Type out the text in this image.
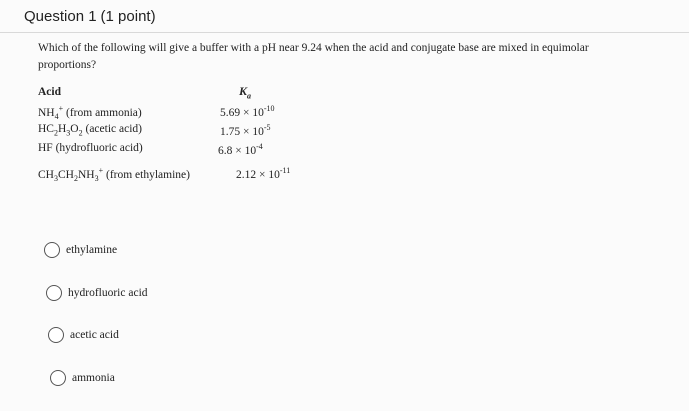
Question 1 (1 point)
Which of the following will give a buffer with a pH near 9.24 when the acid and conjugate base are mixed in equimolar proportions?
Acid	$K_a$
$NH_4^+$ (from ammonia)	$5.69 \times 10^{-10}$
$HC_2H_3O_2$ (acetic acid)	$1.75 \times 10^{-5}$
HF (hydrofluoric acid)	$6.8 \times 10^{-4}$
$CH_3CH_2NH_3^+$ (from ethylamine)	$2.12 \times 10^{-11}$
ethylamine
hydrofluoric acid
acetic acid
ammonia
